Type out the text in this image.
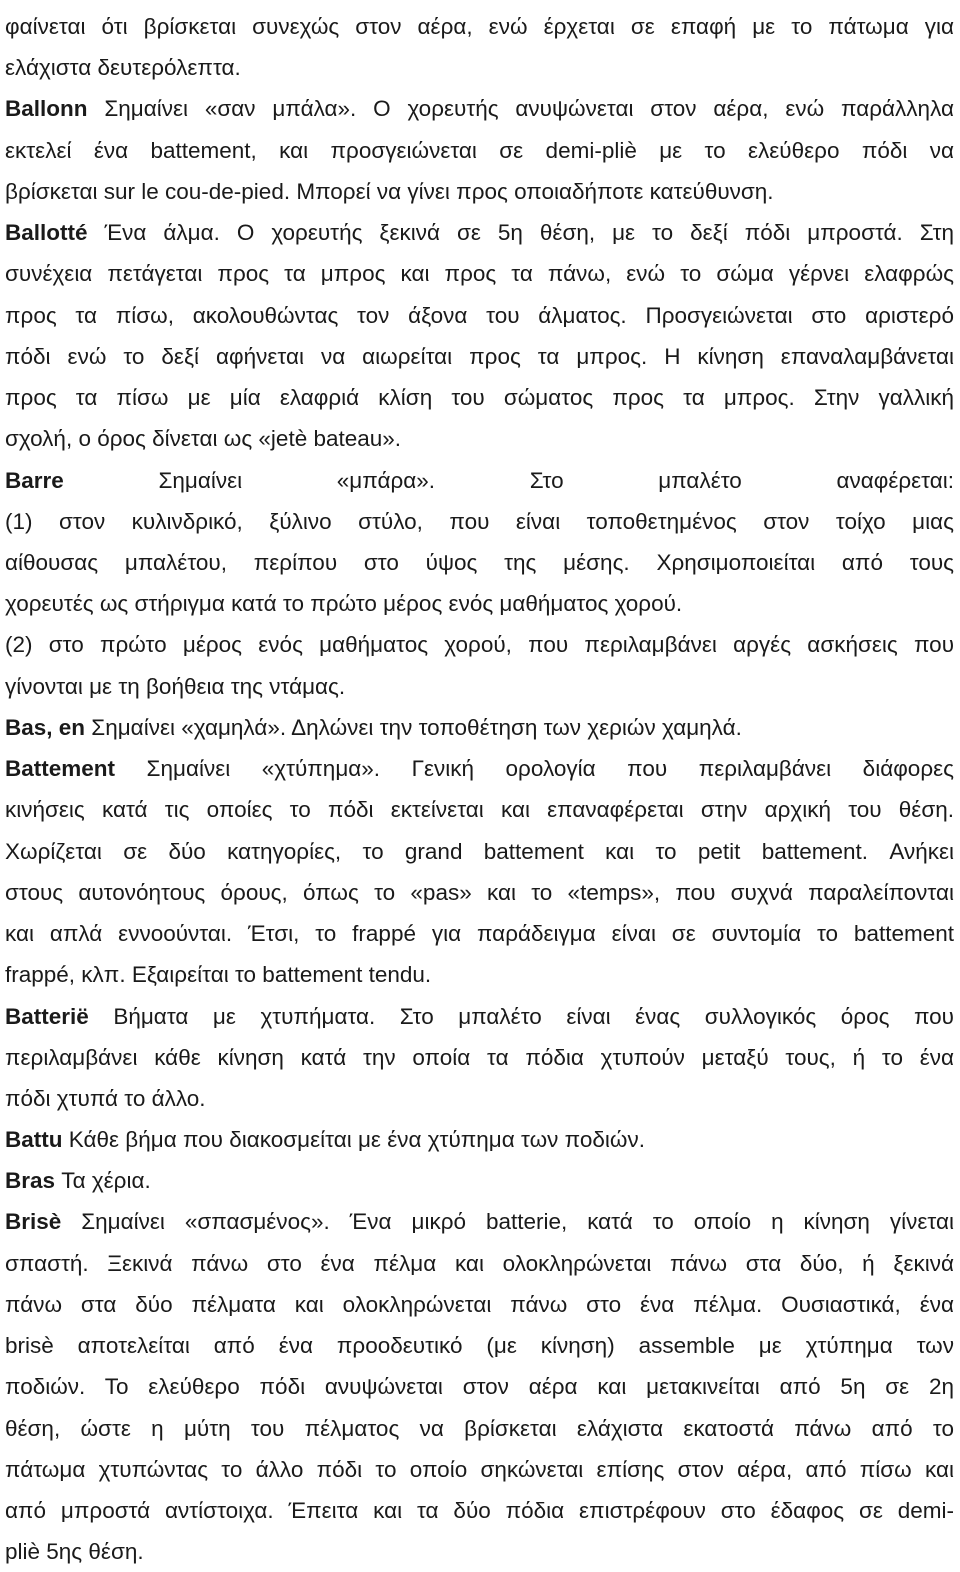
φαίνεται ότι βρίσκεται συνεχώς στον αέρα, ενώ έρχεται σε επαφή με το πάτωμα για
ελάχιστα δευτερόλεπτα.
Ballonn Σημαίνει «σαν μπάλα». Ο χορευτής ανυψώνεται στον αέρα, ενώ παράλληλα
εκτελεί ένα battement, και προσγειώνεται σε demi-pliè με το ελεύθερο πόδι να
βρίσκεται sur le cou-de-pied. Μπορεί να γίνει προς οποιαδήποτε κατεύθυνση.
Ballotté Ένα άλμα. Ο χορευτής ξεκινά σε 5η θέση, με το δεξί πόδι μπροστά. Στη
συνέχεια πετάγεται προς τα μπρος και προς τα πάνω, ενώ το σώμα γέρνει ελαφρώς
προς τα πίσω, ακολουθώντας τον άξονα του άλματος. Προσγειώνεται στο αριστερό
πόδι ενώ το δεξί αφήνεται να αιωρείται προς τα μπρος. Η κίνηση επαναλαμβάνεται
προς τα πίσω με μία ελαφριά κλίση του σώματος προς τα μπρος. Στην γαλλική
σχολή, ο όρος δίνεται ως «jetè bateau».
Barre Σημαίνει «μπάρα». Στο μπαλέτο αναφέρεται:
(1) στον κυλινδρικό, ξύλινο στύλο, που είναι τοποθετημένος στον τοίχο μιας
αίθουσας μπαλέτου, περίπου στο ύψος της μέσης. Χρησιμοποιείται από τους
χορευτές ως στήριγμα κατά το πρώτο μέρος ενός μαθήματος χορού.
(2) στο πρώτο μέρος ενός μαθήματος χορού, που περιλαμβάνει αργές ασκήσεις που
γίνονται με τη βοήθεια της ντάμας.
Bas, en Σημαίνει «χαμηλά». Δηλώνει την τοποθέτηση των χεριών χαμηλά.
Battement Σημαίνει «χτύπημα». Γενική ορολογία που περιλαμβάνει διάφορες
κινήσεις κατά τις οποίες το πόδι εκτείνεται και επαναφέρεται στην αρχική του θέση.
Χωρίζεται σε δύο κατηγορίες, το grand battement και το petit battement. Ανήκει
στους αυτονόητους όρους, όπως το «pas» και το «temps», που συχνά παραλείπονται
και απλά εννοούνται. Έτσι, το frappé για παράδειγμα είναι σε συντομία το battement
frappé, κλπ. Εξαιρείται το battement tendu.
Batterië Βήματα με χτυπήματα. Στο μπαλέτο είναι ένας συλλογικός όρος που
περιλαμβάνει κάθε κίνηση κατά την οποία τα πόδια χτυπούν μεταξύ τους, ή το ένα
πόδι χτυπά το άλλο.
Battu Κάθε βήμα που διακοσμείται με ένα χτύπημα των ποδιών.
Bras Τα χέρια.
Brisè Σημαίνει «σπασμένος». Ένα μικρό batterie, κατά το οποίο η κίνηση γίνεται
σπαστή. Ξεκινά πάνω στο ένα πέλμα και ολοκληρώνεται πάνω στα δύο, ή ξεκινά
πάνω στα δύο πέλματα και ολοκληρώνεται πάνω στο ένα πέλμα. Ουσιαστικά, ένα
brisè αποτελείται από ένα προοδευτικό (με κίνηση) assemble με χτύπημα των
ποδιών. Το ελεύθερο πόδι ανυψώνεται στον αέρα και μετακινείται από 5η σε 2η
θέση, ώστε η μύτη του πέλματος να βρίσκεται ελάχιστα εκατοστά πάνω από το
πάτωμα χτυπώντας το άλλο πόδι το οποίο σηκώνεται επίσης στον αέρα, από πίσω και
από μπροστά αντίστοιχα. Έπειτα και τα δύο πόδια επιστρέφουν στο έδαφος σε demi-
pliè 5ης θέση.
